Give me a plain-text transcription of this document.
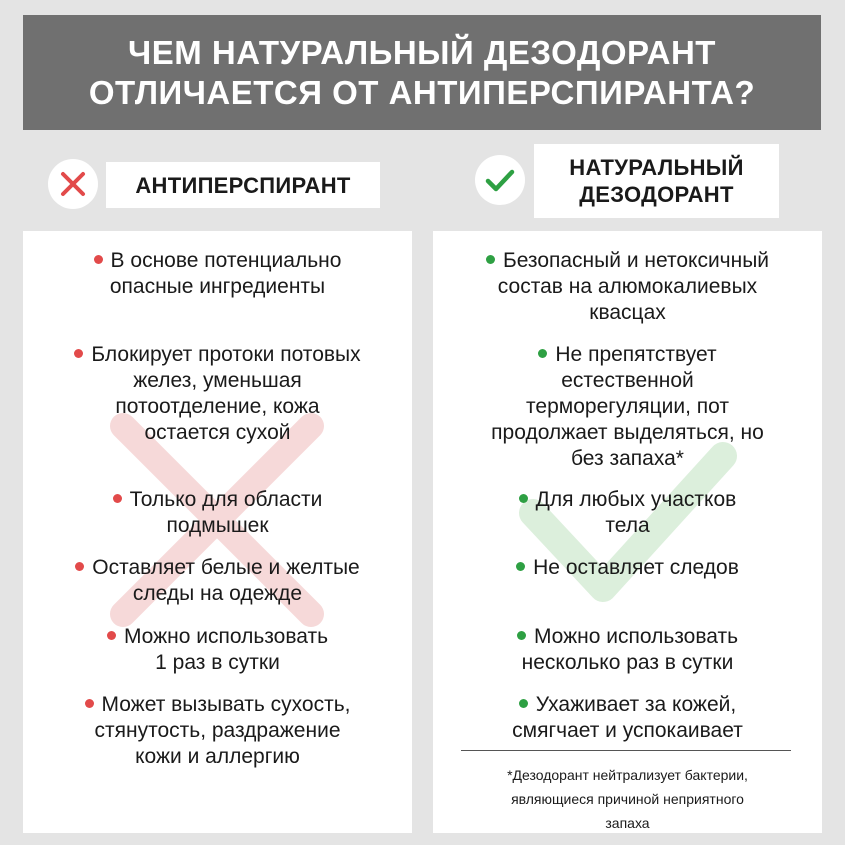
ЧЕМ НАТУРАЛЬНЫЙ ДЕЗОДОРАНТ
ОТЛИЧАЕТСЯ ОТ АНТИПЕРСПИРАНТА?
АНТИПЕРСПИРАНТ
НАТУРАЛЬНЫЙ
ДЕЗОДОРАНТ
В основе потенциально
опасные ингредиенты
Блокирует протоки потовых
желез, уменьшая
потоотделение, кожа
остается сухой
Только для области
подмышек
Оставляет белые и желтые
следы на одежде
Можно использовать
1 раз в сутки
Может вызывать сухость,
стянутость, раздражение
кожи и аллергию
Безопасный и нетоксичный
состав на алюмокалиевых
квасцах
Не препятствует
естественной
терморегуляции, пот
продолжает выделяться, но
без запаха*
Для любых участков
тела
Не оставляет следов
Можно использовать
несколько раз в сутки
Ухаживает за кожей,
смягчает и успокаивает
*Дезодорант нейтрализует бактерии,
являющиеся причиной неприятного
запаха
